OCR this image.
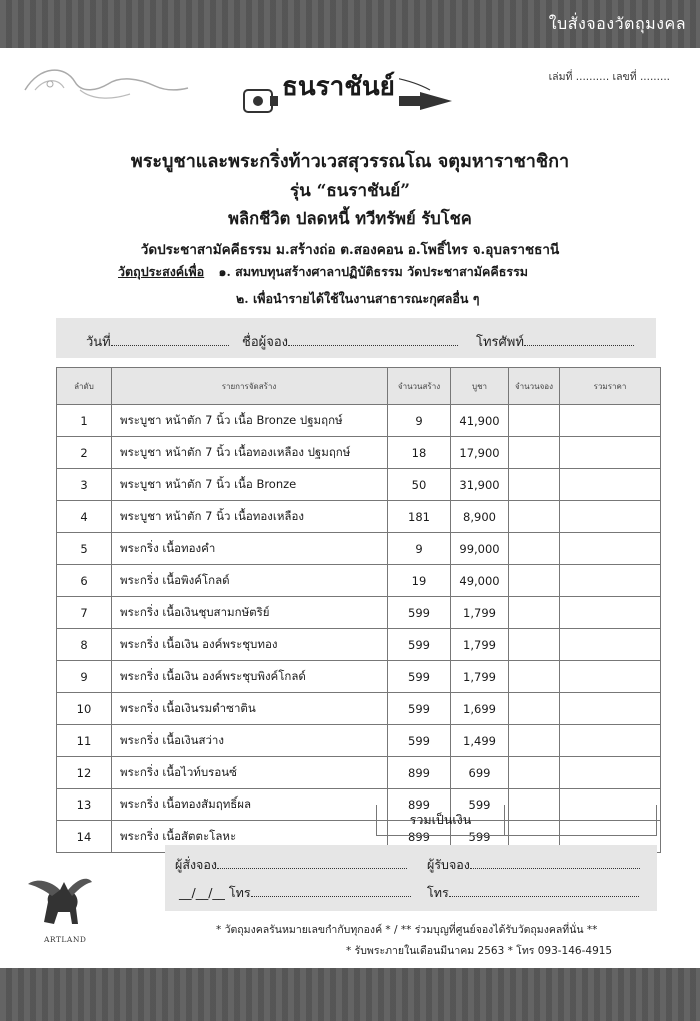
ใบสั่งจองวัตถุมงคล
ธนราชันย์	เล่มที่ .......... เลขที่ .........
พระบูชาและพระกริ่งท้าวเวสสุวรรณโณ จตุมหาราชาชิกา
รุ่น “ธนราชันย์”
พลิกชีวิต ปลดหนี้ ทวีทรัพย์ รับโชค
วัดประชาสามัคคีธรรม ม.สร้างถ่อ ต.สองคอน อ.โพธิ์ไทร จ.อุบลราชธานี
วัตถุประสงค์เพื่อ ๑. สมทบทุนสร้างศาลาปฏิบัติธรรม วัดประชาสามัคคีธรรม
๒. เพื่อนำรายได้ใช้ในงานสาธารณะกุศลอื่น ๆ
วันที่	ชื่อผู้จอง	โทรศัพท์
ลำดับ	รายการจัดสร้าง	จำนวนสร้าง	บูชา	จำนวนจอง	รวมราคา
1	พระบูชา หน้าตัก 7 นิ้ว เนื้อ Bronze ปฐมฤกษ์	9	41,900		
2	พระบูชา หน้าตัก 7 นิ้ว เนื้อทองเหลือง ปฐมฤกษ์	18	17,900		
3	พระบูชา หน้าตัก 7 นิ้ว เนื้อ Bronze	50	31,900		
4	พระบูชา หน้าตัก 7 นิ้ว เนื้อทองเหลือง	181	8,900		
5	พระกริ่ง เนื้อทองคำ	9	99,000		
6	พระกริ่ง เนื้อพิงค์โกลด์	19	49,000		
7	พระกริ่ง เนื้อเงินชุบสามกษัตริย์	599	1,799		
8	พระกริ่ง เนื้อเงิน องค์พระชุบทอง	599	1,799		
9	พระกริ่ง เนื้อเงิน องค์พระชุบพิงค์โกลด์	599	1,799		
10	พระกริ่ง เนื้อเงินรมดำซาติน	599	1,699		
11	พระกริ่ง เนื้อเงินสว่าง	599	1,499		
12	พระกริ่ง เนื้อไวท์บรอนซ์	899	699		
13	พระกริ่ง เนื้อทองสัมฤทธิ์ผล	899	599		
14	พระกริ่ง เนื้อสัตตะโลหะ	899	599		
รวมเป็นเงิน
ผู้สั่งจอง	ผู้รับจอง
__/__/__ โทร	โทร
ARTLAND
* วัตถุมงคลรันหมายเลขกำกับทุกองค์ * / ** ร่วมบุญที่ศูนย์จองได้รับวัตถุมงคลที่นั่น **
* รับพระภายในเดือนมีนาคม 2563 * โทร 093-146-4915
